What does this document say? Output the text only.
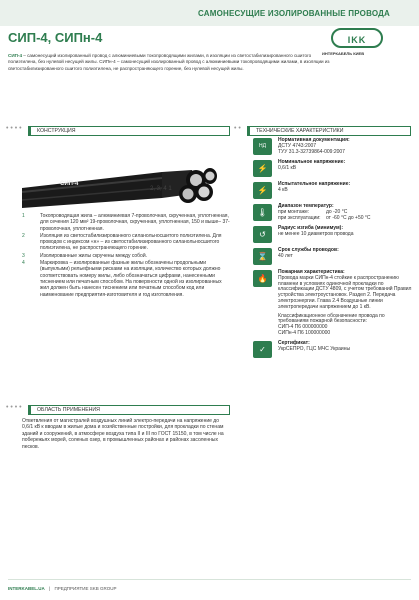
САМОНЕСУЩИЕ ИЗОЛИРОВАННЫЕ ПРОВОДА
СИП-4, СИПн-4	IKK
ИНТЕРКАБЕЛЬ КИЕВ
СИП-4 – самонесущий изолированный провод с алюминиевыми токопроводящими жилами, в изоляции из светостабилизированного сшитого полиэтилена, без нулевой несущей жилы. СИПн-4 – самонесущий изолированный провод с алюминиевыми токопроводящими жилами, в изоляции из светостабилизированного сшитого полиэтилена, не распространяющего горение, без нулевой несущей жилы.
• • • •	КОНСТРУКЦИЯ	• •	ТЕХНИЧЕСКИЕ ХАРАКТЕРИСТИКИ
СИП-4
2, 3, 4 1
1	Токопроводящая жила – алюминиевая 7-проволочная, скрученная, уплотненная, для сечения 120 мм² 19-проволочная, скрученная, уплотненная, 150 и выше– 37-проволочная, уплотненная.
2	Изоляция из светостабилизированного силанольносшитого полиэтилена. Для проводов с индексом «н» – из светостабилизированного силанольносшитого полиэтилена, не распространяющего горение.
3	Изолированные жилы скручены между собой.
4	Маркировка – изолированные фазные жилы обозначены продольными (выпуклыми) рельефными рисками на изоляции, количество которых должно соответствовать номеру жилы, либо обозначаться цифрами, нанесенными тиснением или печатным способом. На поверхности одной из изолированных жил должен быть нанесен тиснением или печатным способом код или наименование предприятия-изготовителя и год изготовления.
• • • •	ОБЛАСТЬ ПРИМЕНЕНИЯ
Ответвления от магистралей воздушных линий электро-передачи на напряжение до 0,6/1 кВ к вводам в жилые дома и хозяйственные постройки, для прокладки по стенам зданий и сооружений, в атмосфере воздуха типа II и III по ГОСТ 15150, в том числе на побережьях морей, соленых озер, в промышленных районах и районах засоленных песков.
НД
Нормативная документация:
ДСТУ 4743:2007
ТУУ 31.3-32739864-009:2007
⚡
Номинальное напряжение:
0,6/1 кВ
⚡
Испытательное напряжение:
4 кВ
🌡
Диапазон температур:
при монтаже:	до -20 °С
при эксплуатации:	от -60 °С до +50 °С
↺
Радиус изгиба (минимум):
не менее 10 диаметров провода
⌛
Срок службы проводов:
40 лет
🔥
Пожарная характеристика:
Провода марки СИПн-4 стойкие к распространению пламени в условиях одиночной прокладки по классификации ДСТУ 4809, с учетом требований Правил устройства электроустановок. Раздел 2. Передача электроэнергии. Глава 2.4 Воздушные линии электропередачи напряжением до 1 кВ.
Классификационное обозначение провода по требованиям пожарной безопасности:
СИП-4 П6 000000000
СИПн-4 П6 100000000
✓
Сертификат:
УкрСЕПРО, ГЦС МЧС Украины
INTERKABEL.UA | ПРЕДПРИЯТИЕ SKB GROUP
